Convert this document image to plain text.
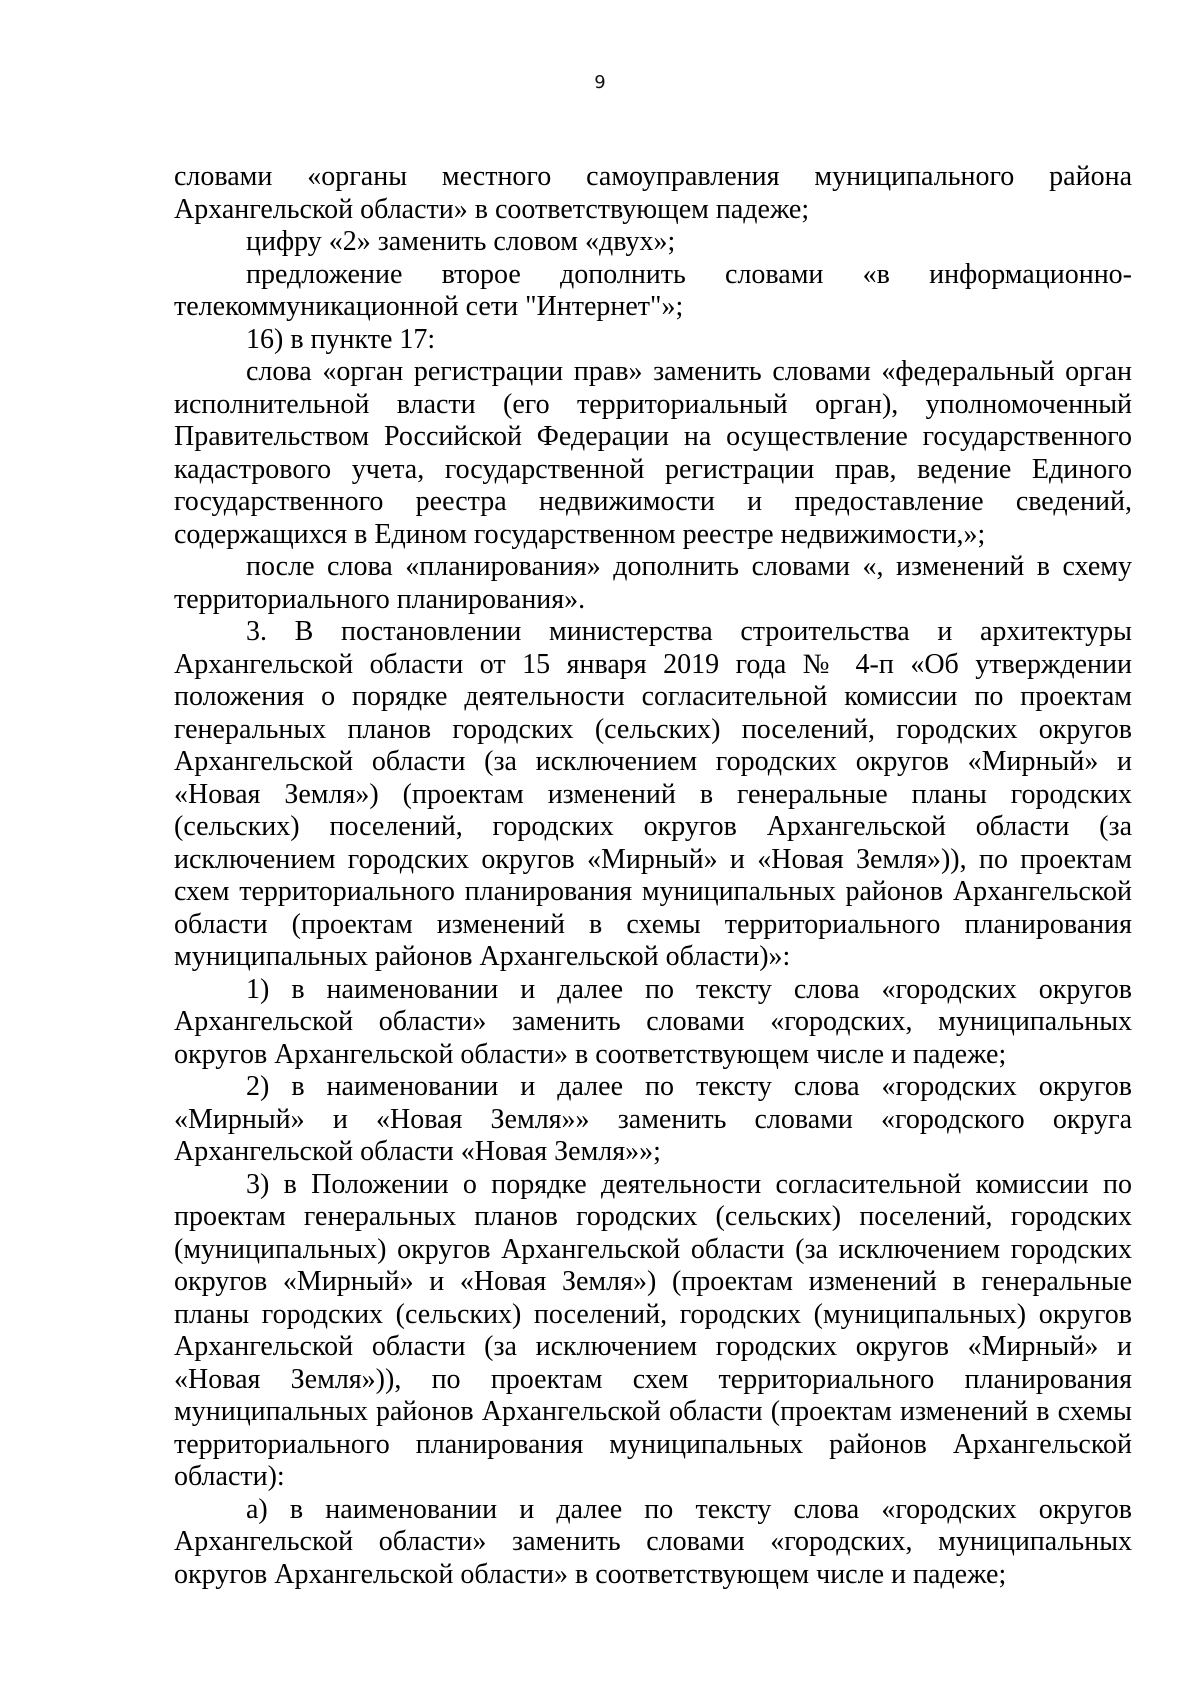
9

словами «органы местного самоуправления муниципального района Архангельской области» в соответствующем падеже;

цифру «2» заменить словом «двух»;

предложение второе дополнить словами «в информационно-телекоммуникационной сети "Интернет"»;

16) в пункте 17:

слова «орган регистрации прав» заменить словами «федеральный орган исполнительной власти (его территориальный орган), уполномоченный Правительством Российской Федерации на осуществление государственного кадастрового учета, государственной регистрации прав, ведение Единого государственного реестра недвижимости и предоставление сведений, содержащихся в Едином государственном реестре недвижимости,»;

после слова «планирования» дополнить словами «, изменений в схему территориального планирования».

3. В постановлении министерства строительства и архитектуры Архангельской области от 15 января 2019 года № 4-п «Об утверждении положения о порядке деятельности согласительной комиссии по проектам генеральных планов городских (сельских) поселений, городских округов Архангельской области (за исключением городских округов «Мирный» и «Новая Земля») (проектам изменений в генеральные планы городских (сельских) поселений, городских округов Архангельской области (за исключением городских округов «Мирный» и «Новая Земля»)), по проектам схем территориального планирования муниципальных районов Архангельской области (проектам изменений в схемы территориального планирования муниципальных районов Архангельской области)»:

1) в наименовании и далее по тексту слова «городских округов Архангельской области» заменить словами «городских, муниципальных округов Архангельской области» в соответствующем числе и падеже;

2) в наименовании и далее по тексту слова «городских округов «Мирный» и «Новая Земля»» заменить словами «городского округа Архангельской области «Новая Земля»»;

3) в Положении о порядке деятельности согласительной комиссии по проектам генеральных планов городских (сельских) поселений, городских (муниципальных) округов Архангельской области (за исключением городских округов «Мирный» и «Новая Земля») (проектам изменений в генеральные планы городских (сельских) поселений, городских (муниципальных) округов Архангельской области (за исключением городских округов «Мирный» и «Новая Земля»)), по проектам схем территориального планирования муниципальных районов Архангельской области (проектам изменений в схемы территориального планирования муниципальных районов Архангельской области):

а) в наименовании и далее по тексту слова «городских округов Архангельской области» заменить словами «городских, муниципальных округов Архангельской области» в соответствующем числе и падеже;
